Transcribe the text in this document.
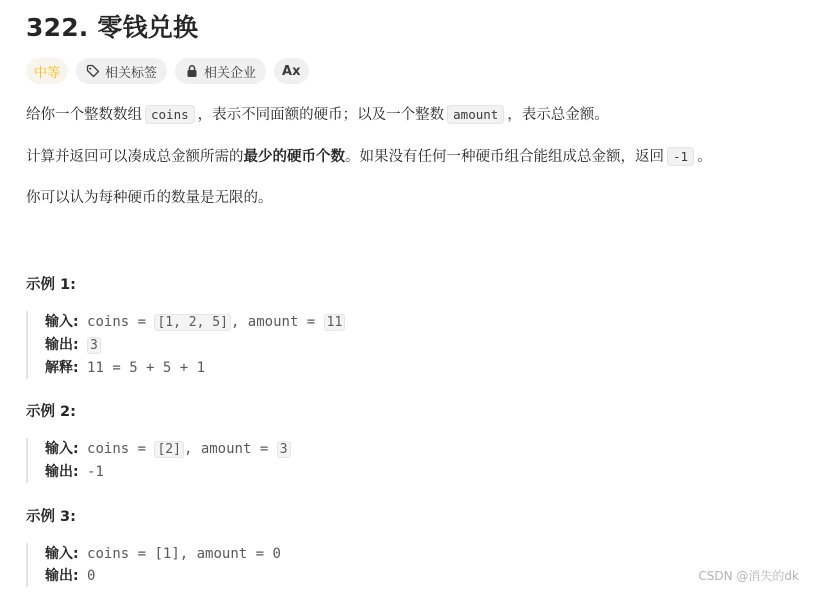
322. 零钱兑换
中等	相关标签	相关企业 Ax
给你一个整数数组 coins ，表示不同面额的硬币；以及一个整数 amount ，表示总金额。
计算并返回可以凑成总金额所需的最少的硬币个数。如果没有任何一种硬币组合能组成总金额，返回 -1 。
你可以认为每种硬币的数量是无限的。
示例 1:
输入: coins = [1, 2, 5] , amount = 11
输出: 3
解释: 11 = 5 + 5 + 1
示例 2:
输入: coins = [2] , amount = 3
输出: -1
示例 3:
输入: coins = [1], amount = 0
输出: 0	CSDN @消失的dk
